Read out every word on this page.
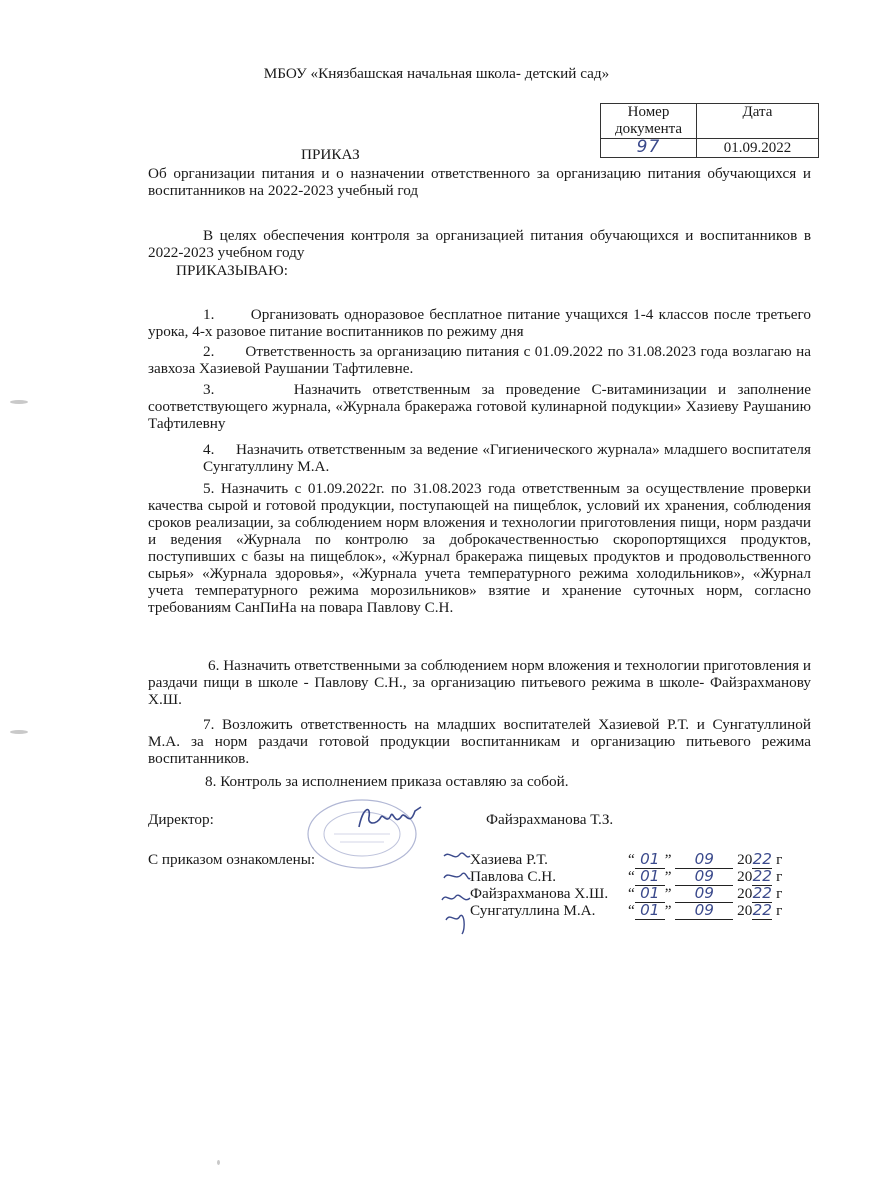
МБОУ «Князбашская начальная школа- детский сад»
Номер документа	Дата
97	01.09.2022
ПРИКАЗ
Об организации питания и о назначении ответственного за организацию питания обучающихся и воспитанников на 2022-2023 учебный год
В целях обеспечения контроля за организацией питания обучающихся и воспитанников в 2022-2023 учебном году
ПРИКАЗЫВАЮ:
1.       Организовать одноразовое бесплатное питание учащихся 1-4 классов после третьего урока, 4-х разовое питание воспитанников по режиму дня
2.       Ответственность за организацию питания с 01.09.2022 по 31.08.2023 года возлагаю на завхоза Хазиевой Раушании Тафтилевне.
3.       Назначить ответственным за проведение С-витаминизации и заполнение соответствующего журнала, «Журнала бракеража готовой кулинарной подукции» Хазиеву Раушанию Тафтилевну
4.     Назначить ответственным за ведение «Гигиенического журнала» младшего воспитателя Сунгатуллину М.А.
5. Назначить с 01.09.2022г. по 31.08.2023 года ответственным за осуществление проверки качества сырой и готовой продукции, поступающей на пищеблок, условий их хранения, соблюдения сроков реализации, за соблюдением норм вложения и технологии приготовления пищи, норм раздачи и ведения «Журнала по контролю за доброкачественностью скоропортящихся продуктов, поступивших с базы на пищеблок», «Журнал бракеража пищевых продуктов и продовольственного сырья» «Журнала здоровья», «Журнала учета температурного режима холодильников», «Журнал учета температурного режима морозильников» взятие и хранение суточных норм, согласно требованиям СанПиНа на повара Павлову С.Н.
6. Назначить ответственными за соблюдением норм вложения и технологии приготовления и раздачи пищи в школе - Павлову С.Н., за организацию питьевого режима в школе- Файзрахманову Х.Ш.
7. Возложить ответственность на младших воспитателей Хазиевой Р.Т. и Сунгатуллиной М.А. за норм раздачи готовой продукции воспитанникам и организацию питьевого режима воспитанников.
8. Контроль за исполнением приказа оставляю за собой.
Директор:	Файзрахманова Т.З.
С приказом ознакомлены:	Хазиева Р.Т.	“ 01 ” 09 2022 г
Павлова С.Н.	“ 01 ” 09 2022 г
Файзрахманова Х.Ш.	“ 01 ” 09 2022 г
Сунгатуллина М.А.	“ 01 ” 09 2022 г
